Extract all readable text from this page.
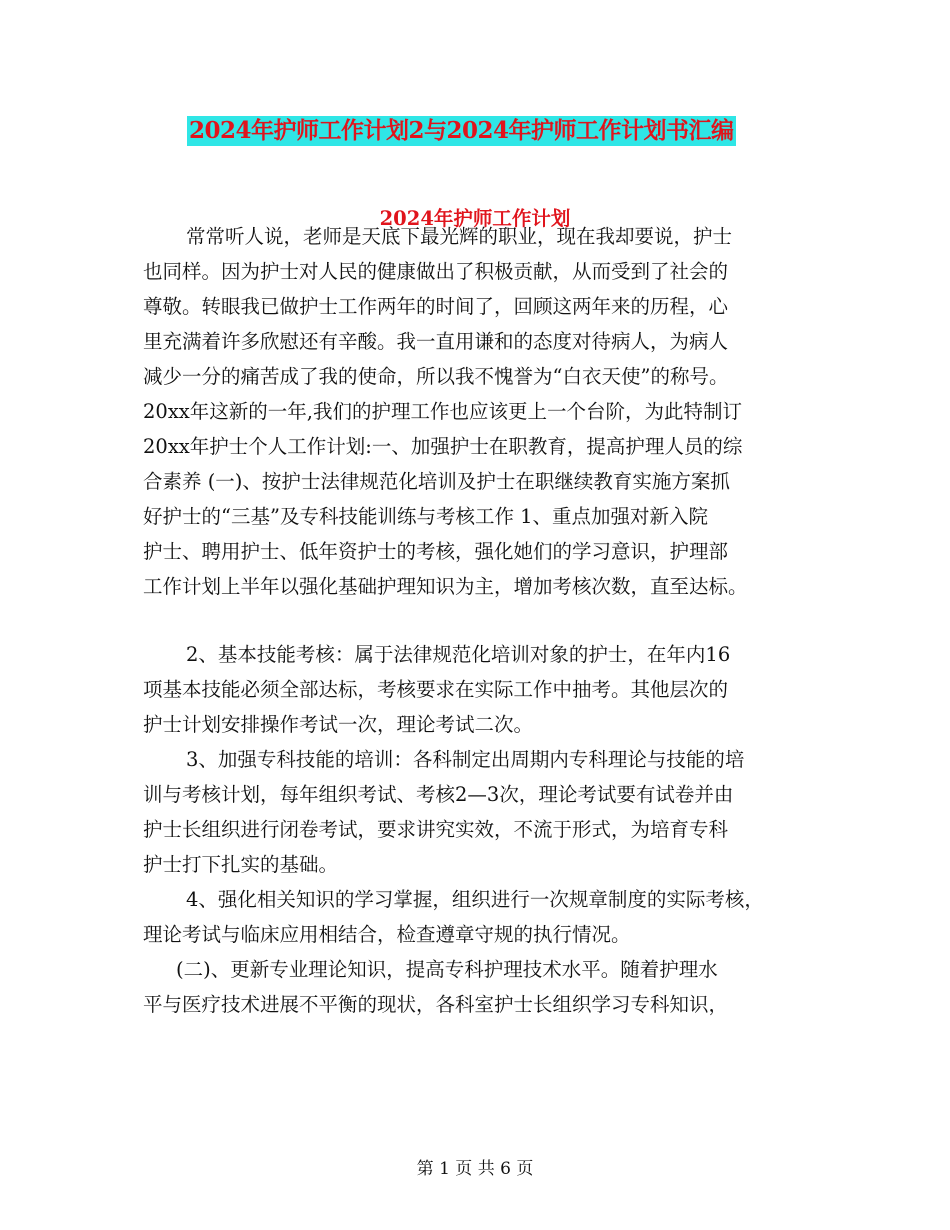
2024年护师工作计划2与2024年护师工作计划书汇编
2024年护师工作计划
常常听人说，老师是天底下最光辉的职业，现在我却要说，护士
也同样。因为护士对人民的健康做出了积极贡献，从而受到了社会的
尊敬。转眼我已做护士工作两年的时间了，回顾这两年来的历程，心
里充满着许多欣慰还有辛酸。我一直用谦和的态度对待病人，为病人
减少一分的痛苦成了我的使命，所以我不愧誉为“白衣天使”的称号。
20xx年这新的一年,我们的护理工作也应该更上一个台阶，为此特制订
20xx年护士个人工作计划:一、加强护士在职教育，提高护理人员的综
合素养 (一)、按护士法律规范化培训及护士在职继续教育实施方案抓
好护士的“三基”及专科技能训练与考核工作 1、重点加强对新入院
护士、聘用护士、低年资护士的考核，强化她们的学习意识，护理部
工作计划上半年以强化基础护理知识为主，增加考核次数，直至达标。
2、基本技能考核：属于法律规范化培训对象的护士，在年内16
项基本技能必须全部达标，考核要求在实际工作中抽考。其他层次的
护士计划安排操作考试一次，理论考试二次。
3、加强专科技能的培训：各科制定出周期内专科理论与技能的培
训与考核计划，每年组织考试、考核2—3次，理论考试要有试卷并由
护士长组织进行闭卷考试，要求讲究实效，不流于形式，为培育专科
护士打下扎实的基础。
4、强化相关知识的学习掌握，组织进行一次规章制度的实际考核，
理论考试与临床应用相结合，检查遵章守规的执行情况。
(二)、更新专业理论知识，提高专科护理技术水平。随着护理水
平与医疗技术进展不平衡的现状，各科室护士长组织学习专科知识，
第 1 页 共 6 页
